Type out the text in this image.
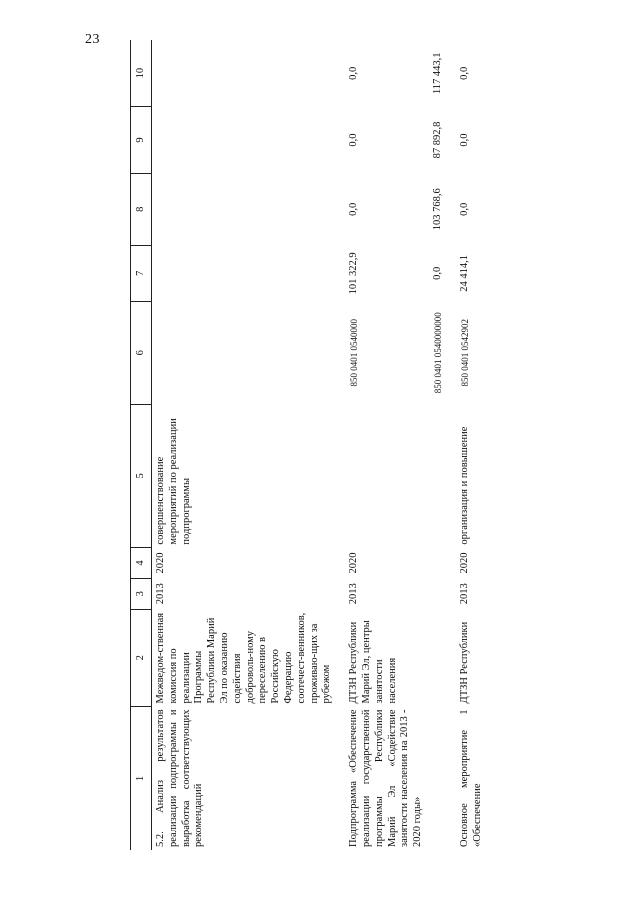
23
1	2	3	4	5	6	7	8	9	10
5.2. Анализ результатов реализации подпрограммы и выработка соответствующих рекомендаций	Межведом-ственная комиссия по реализации Программы Республики Марий Эл по оказанию содействия доброволь-ному переселению в Российскую Федерацию соотечест-венников, проживаю-щих за рубежом	2013	2020	совершенствование мероприятий по реализации подпрограммы					
Подпрограмма «Обеспечение реализации государственной программы Республики Марий Эл «Содействие занятости населения на 2013 - 2020 годы»	ДТЗН Республики Марий Эл, центры занятости населения	2013	2020		850 0401 0540000	101 322,9	0,0	0,0	0,0
					850 0401 0540000000	0,0	103 768,6	87 892,8	117 443,1
Основное мероприятие 1 «Обеспечение	ДТЗН Республики	2013	2020	организация и повышение	850 0401 0542902	24 414,1	0,0	0,0	0,0
